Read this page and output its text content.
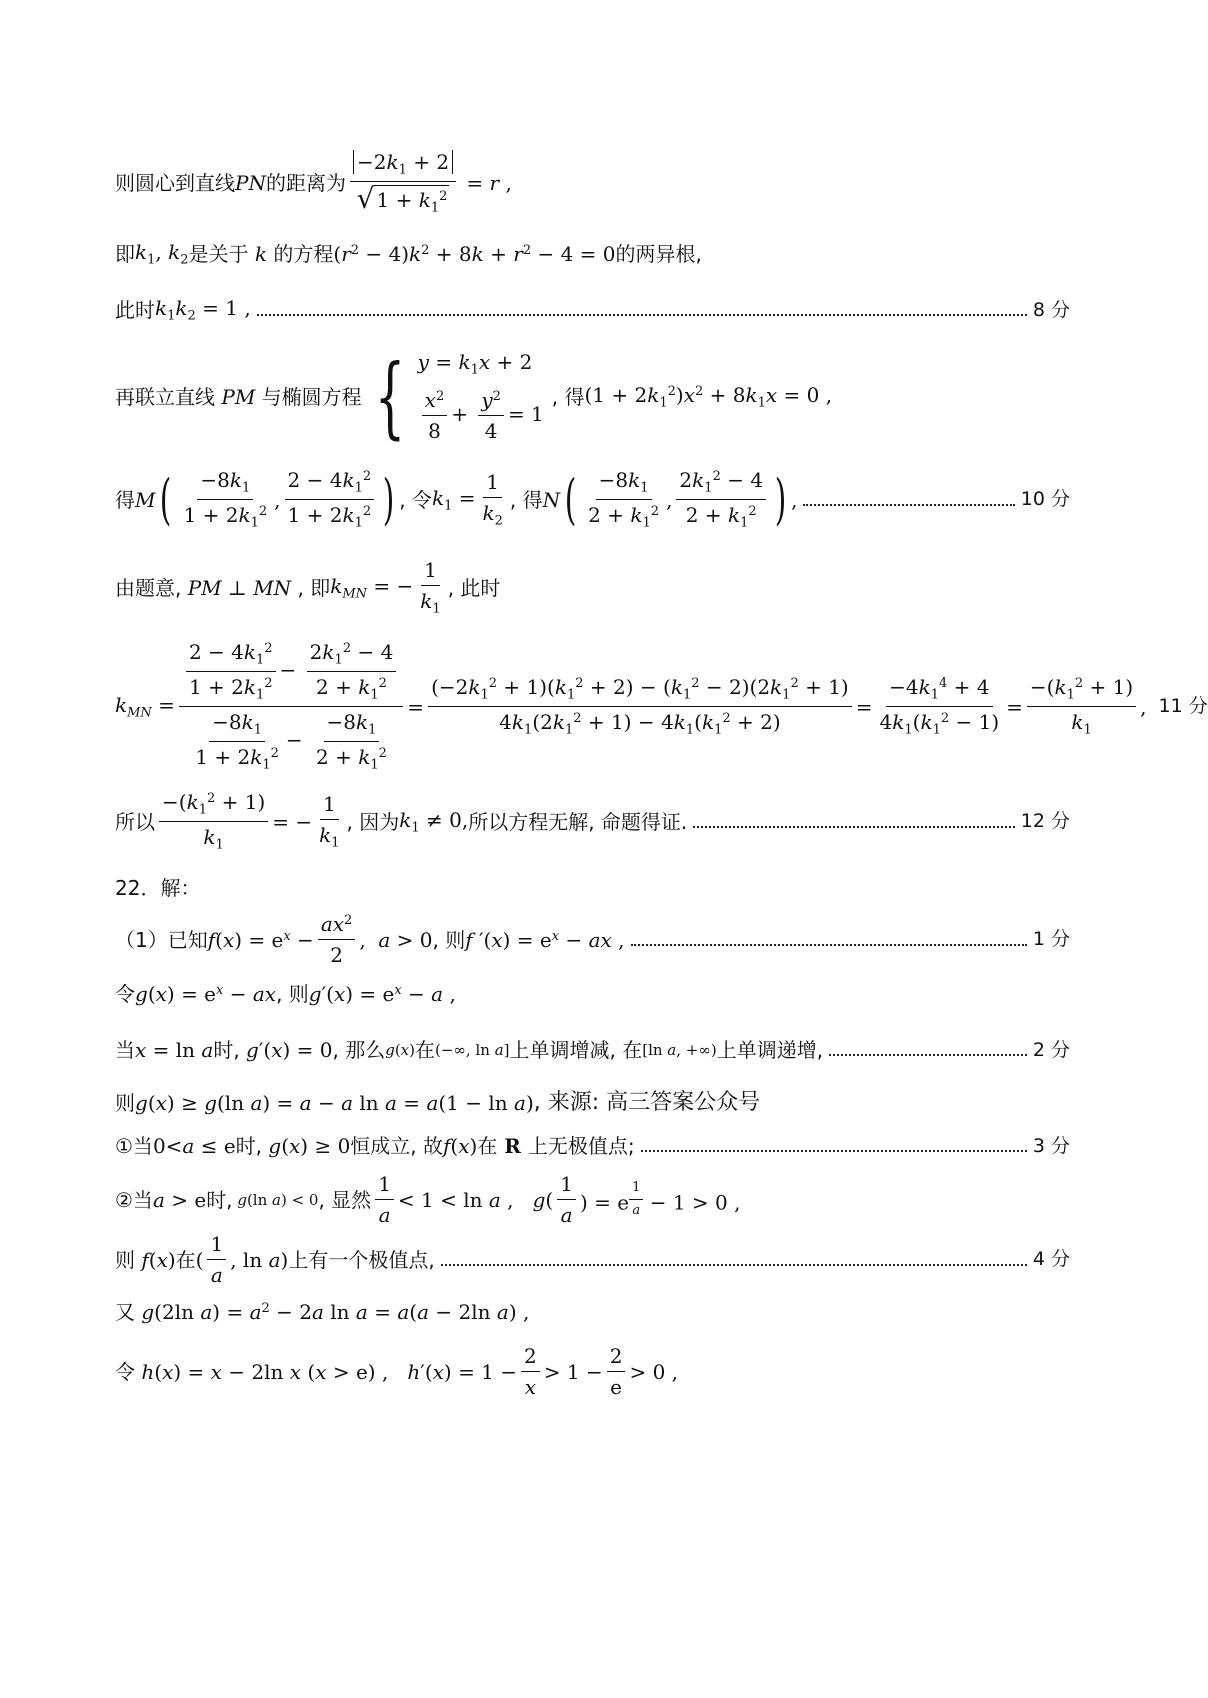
则圆心到直线 PN 的距离为 $\frac{-2k_1 + 2}{√ 1 + k_1^2} = r$ ,
即 $k_1$, $k_2$ 是关于 k 的方程 $(r^2 - 4)k^2 + 8k + r^2 - 4 = 0$ 的两异根,
此时 $k_1k_2 = 1$ ,	8 分
再联立直线 PM 与椭圆方程 { $y = k_1x + 2$
$\frac{x^2}{8} + \frac{y^2}{4} = 1$
, 得 $(1 + 2k_1^2)x^2 + 8k_1x = 0$ ,
得 M ( $\frac{-8k_1}{1 + 2k_1^2}$ , $\frac{2 - 4k_1^2}{1 + 2k_1^2}$ ) , 令 $k_1 = \frac{1}{k_2}$ , 得 N ( $\frac{-8k_1}{2 + k_1^2}$ , $\frac{2k_1^2 - 4}{2 + k_1^2}$ ) ,	10 分
由题意, PM ⊥ MN , 即 $k_{MN}$ = − $\frac{1}{k_1}$ , 此时
$k_{MN} = \frac{\frac{2 - 4k_1^2}{1 + 2k_1^2} - \frac{2k_1^2 - 4}{2 + k_1^2}}{\frac{-8k_1}{1 + 2k_1^2} - \frac{-8k_1}{2 + k_1^2}} = \frac{(-2k_1^2 + 1)(k_1^2 + 2) - (k_1^2 - 2)(2k_1^2 + 1)}{4k_1(2k_1^2 + 1) - 4k_1(k_1^2 + 2)} = \frac{-4k_1^4 + 4}{4k_1(k_1^2 - 1)} = \frac{-(k_1^2 + 1)}{k_1}$ , 11 分
所以 $\frac{-(k_1^2 + 1)}{k_1}$ = − $\frac{1}{k_1}$ , 因为 $k_1 \ne 0$, 所以方程无解, 命题得证.	12 分
22．解：
（1）已知 $f(x) = e^x - \frac{ax^2}{2}$ ,  a > 0 , 则 f $'(x) = e^x$ − ax ,	1 分
令 $g(x) = e^x$ − ax , 则 $g'(x) = e^x - a$ ,
当 x = ln a 时, g′(x) = 0 , 那么 g(x) 在 (−∞, ln a] 上单调增减, 在 [ln a, +∞) 上单调递增,	2 分
则 g(x) ≥ g(ln a) = a − a ln a = a(1 − ln a) , 来源: 高三答案公众号
①当 0<a ≤ e 时, g(x) ≥ 0 恒成立, 故 f(x) 在 R 上无极值点;	3 分
②当 a > e 时, g(ln a) < 0 , 显然 $\frac{1}{a} < 1 < \ln a$ ,   $g( \frac{1}{a}$ ) = e $^{\frac{1}{a}}$ − 1 > 0 ,
则 f(x) 在 ( $\frac{1}{a}$ , ln a) 上有一个极值点,	4 分
又 g(2ln $a) = a^2 - 2a$ ln a = a(a − 2ln a) ,
令 h(x) = x − 2ln x (x > e) ,   $h'(x) = 1 - \frac{2}{x} > 1 - \frac{2}{e} > 0$ ,
